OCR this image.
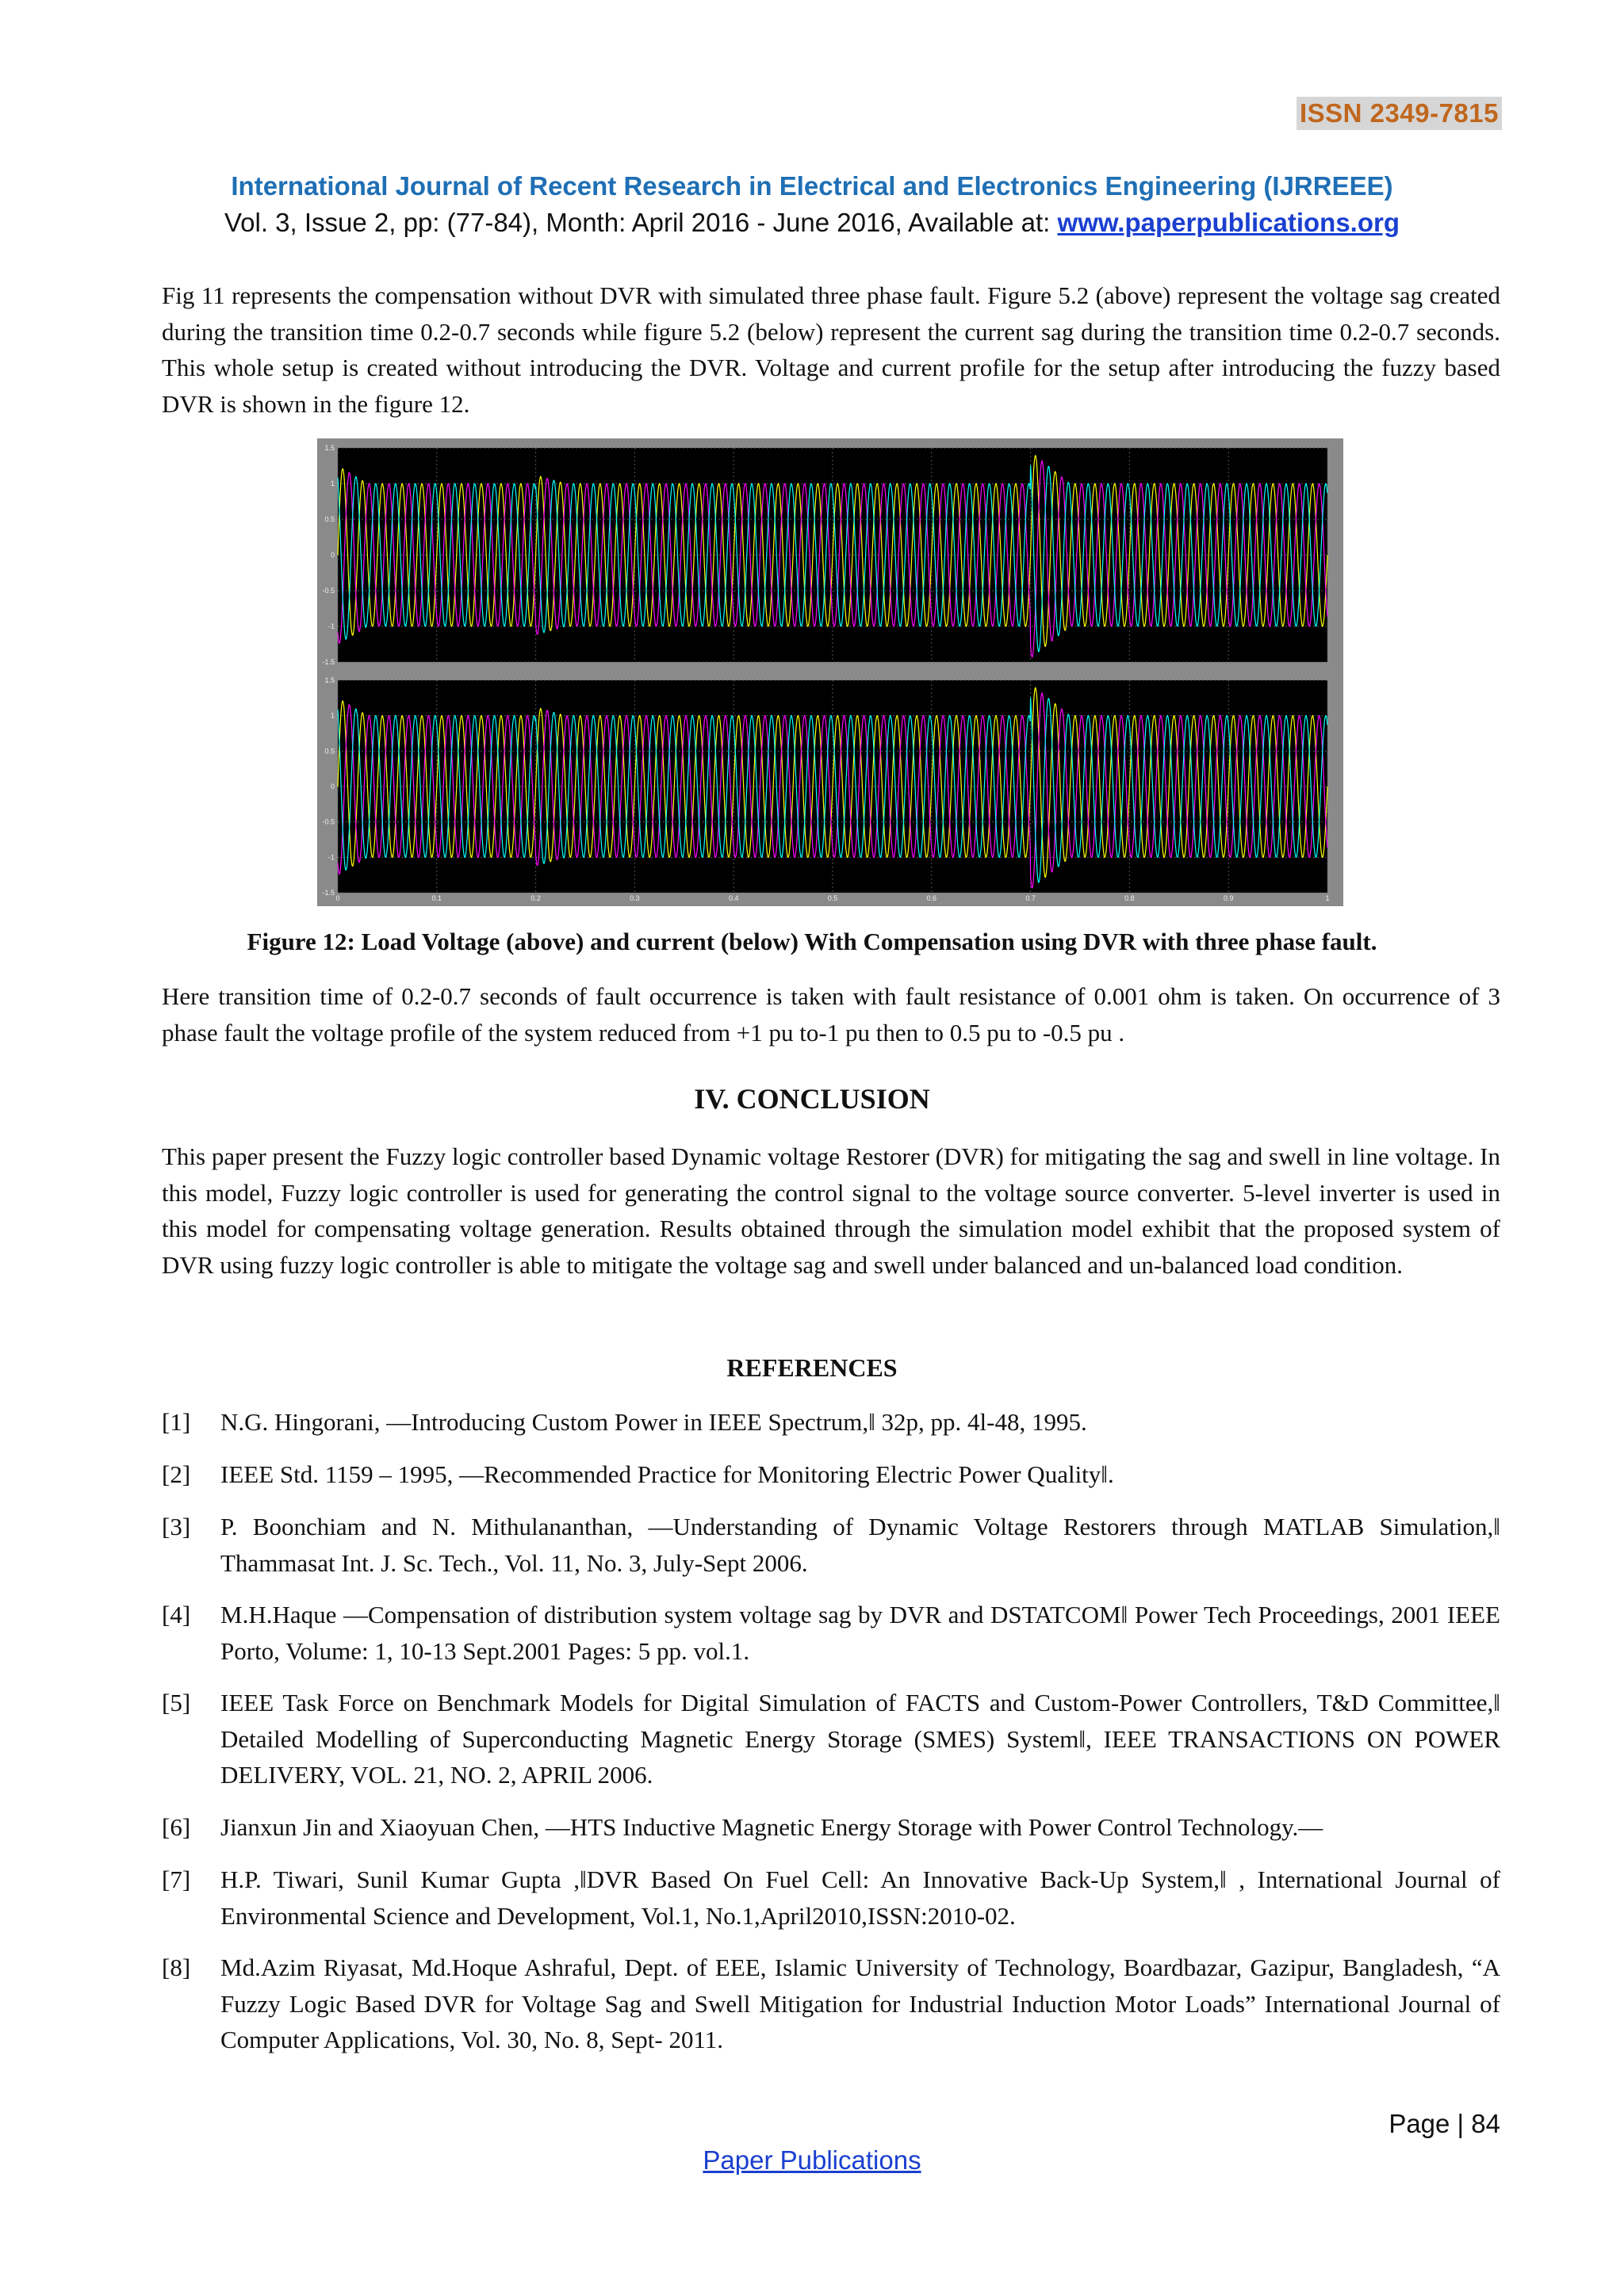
ISSN 2349-7815
International Journal of Recent Research in Electrical and Electronics Engineering (IJRREEE)
Vol. 3, Issue 2, pp: (77-84), Month: April 2016 - June 2016, Available at: www.paperpublications.org

Fig 11 represents the compensation without DVR with simulated three phase fault. Figure 5.2 (above) represent the voltage sag created during the transition time 0.2-0.7 seconds while figure 5.2 (below) represent the current sag during the transition time 0.2-0.7 seconds. This whole setup is created without introducing the DVR. Voltage and current profile for the setup after introducing the fuzzy based DVR is shown in the figure 12.

1.5
1
0.5
0
-0.5
-1
-1.5
1.5
1
0.5
0
-0.5
-1
-1.5
0	0.1	0.2	0.3	0.4	0.5	0.6	0.7	0.8	0.9	1
Figure 12: Load Voltage (above) and current (below) With Compensation using DVR with three phase fault.

Here transition time of 0.2-0.7 seconds of fault occurrence is taken with fault resistance of 0.001 ohm is taken. On occurrence of 3 phase fault the voltage profile of the system reduced from +1 pu to-1 pu then to 0.5 pu to -0.5 pu .

IV. CONCLUSION

This paper present the Fuzzy logic controller based Dynamic voltage Restorer (DVR) for mitigating the sag and swell in line voltage. In this model, Fuzzy logic controller is used for generating the control signal to the voltage source converter. 5-level inverter is used in this model for compensating voltage generation. Results obtained through the simulation model exhibit that the proposed system of DVR using fuzzy logic controller is able to mitigate the voltage sag and swell under balanced and un-balanced load condition.

REFERENCES
[1] N.G. Hingorani, ―Introducing Custom Power in IEEE Spectrum,‖ 32p, pp. 4l-48, 1995.
[2] IEEE Std. 1159 – 1995, ―Recommended Practice for Monitoring Electric Power Quality‖.
[3] P. Boonchiam and N. Mithulananthan, ―Understanding of Dynamic Voltage Restorers through MATLAB Simulation,‖ Thammasat Int. J. Sc. Tech., Vol. 11, No. 3, July-Sept 2006.
[4] M.H.Haque ―Compensation of distribution system voltage sag by DVR and DSTATCOM‖ Power Tech Proceedings, 2001 IEEE Porto, Volume: 1, 10-13 Sept.2001 Pages: 5 pp. vol.1.
[5] IEEE Task Force on Benchmark Models for Digital Simulation of FACTS and Custom-Power Controllers, T&D Committee,‖ Detailed Modelling of Superconducting Magnetic Energy Storage (SMES) System‖, IEEE TRANSACTIONS ON POWER DELIVERY, VOL. 21, NO. 2, APRIL 2006.
[6] Jianxun Jin and Xiaoyuan Chen, ―HTS Inductive Magnetic Energy Storage with Power Control Technology.―
[7] H.P. Tiwari, Sunil Kumar Gupta ,‖DVR Based On Fuel Cell: An Innovative Back-Up System,‖ , International Journal of Environmental Science and Development, Vol.1, No.1,April2010,ISSN:2010-02.
[8] Md.Azim Riyasat, Md.Hoque Ashraful, Dept. of EEE, Islamic University of Technology, Boardbazar, Gazipur, Bangladesh, “A Fuzzy Logic Based DVR for Voltage Sag and Swell Mitigation for Industrial Induction Motor Loads” International Journal of Computer Applications, Vol. 30, No. 8, Sept- 2011.
Page | 84
Paper Publications
